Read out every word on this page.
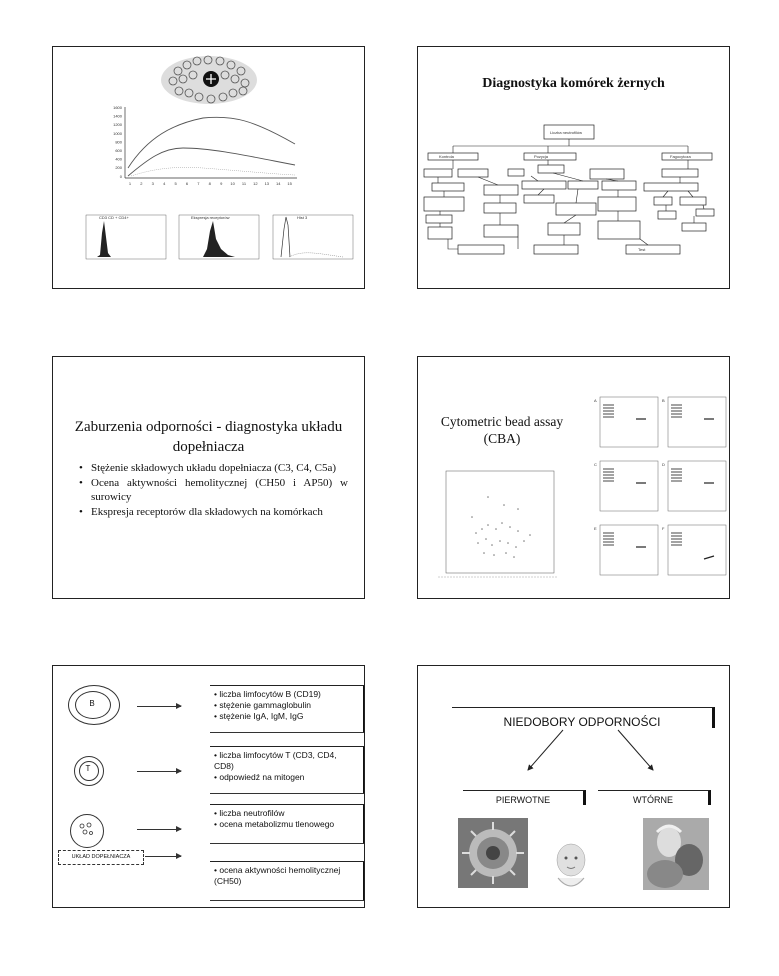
1600
1400
1200
1000
800
600
400
200
0
1 2 3 4 5 6 7 8 9 10 11 12 13 14 15
CD3 CD + CD4+	Ekspresja receptorów	Hist 3
Diagnostyka komórek żernych
Liczba neutrofilów
Kontrola	Pozycja	Fagocytoza
Test
Zaburzenia odporności - diagnostyka układu dopełniacza
• Stężenie składowych układu dopełniacza (C3, C4, C5a)
• Ocena aktywności hemolitycznej (CH50 i AP50) w surowicy
• Ekspresja receptorów dla składowych na komórkach
Cytometric bead assay (CBA)
A	B
C	D
E	F
B
• liczba limfocytów B (CD19)
• stężenie gammaglobulin
• stężenie IgA, IgM, IgG
T
• liczba limfocytów T (CD3, CD4,
CD8)
• odpowiedź na mitogen
• liczba neutrofilów
• ocena metabolizmu tlenowego
UKŁAD DOPEŁNIACZA
• ocena aktywności hemolitycznej
(CH50)
NIEDOBORY ODPORNOŚCI
PIERWOTNE	WTÓRNE
